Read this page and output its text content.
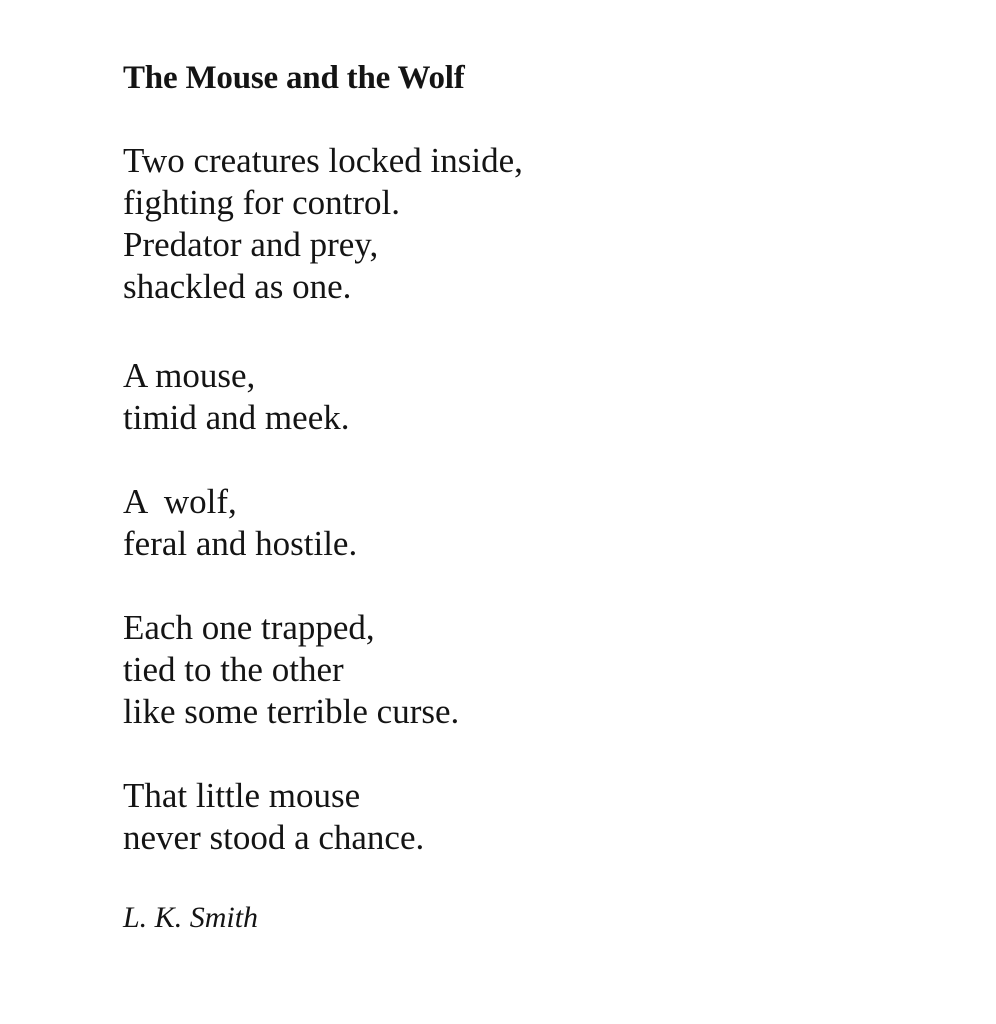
The Mouse and the Wolf
Two creatures locked inside,
fighting for control.
Predator and prey,
shackled as one.
A mouse,
timid and meek.
A  wolf,
feral and hostile.
Each one trapped,
tied to the other
like some terrible curse.
That little mouse
never stood a chance.

L. K. Smith
